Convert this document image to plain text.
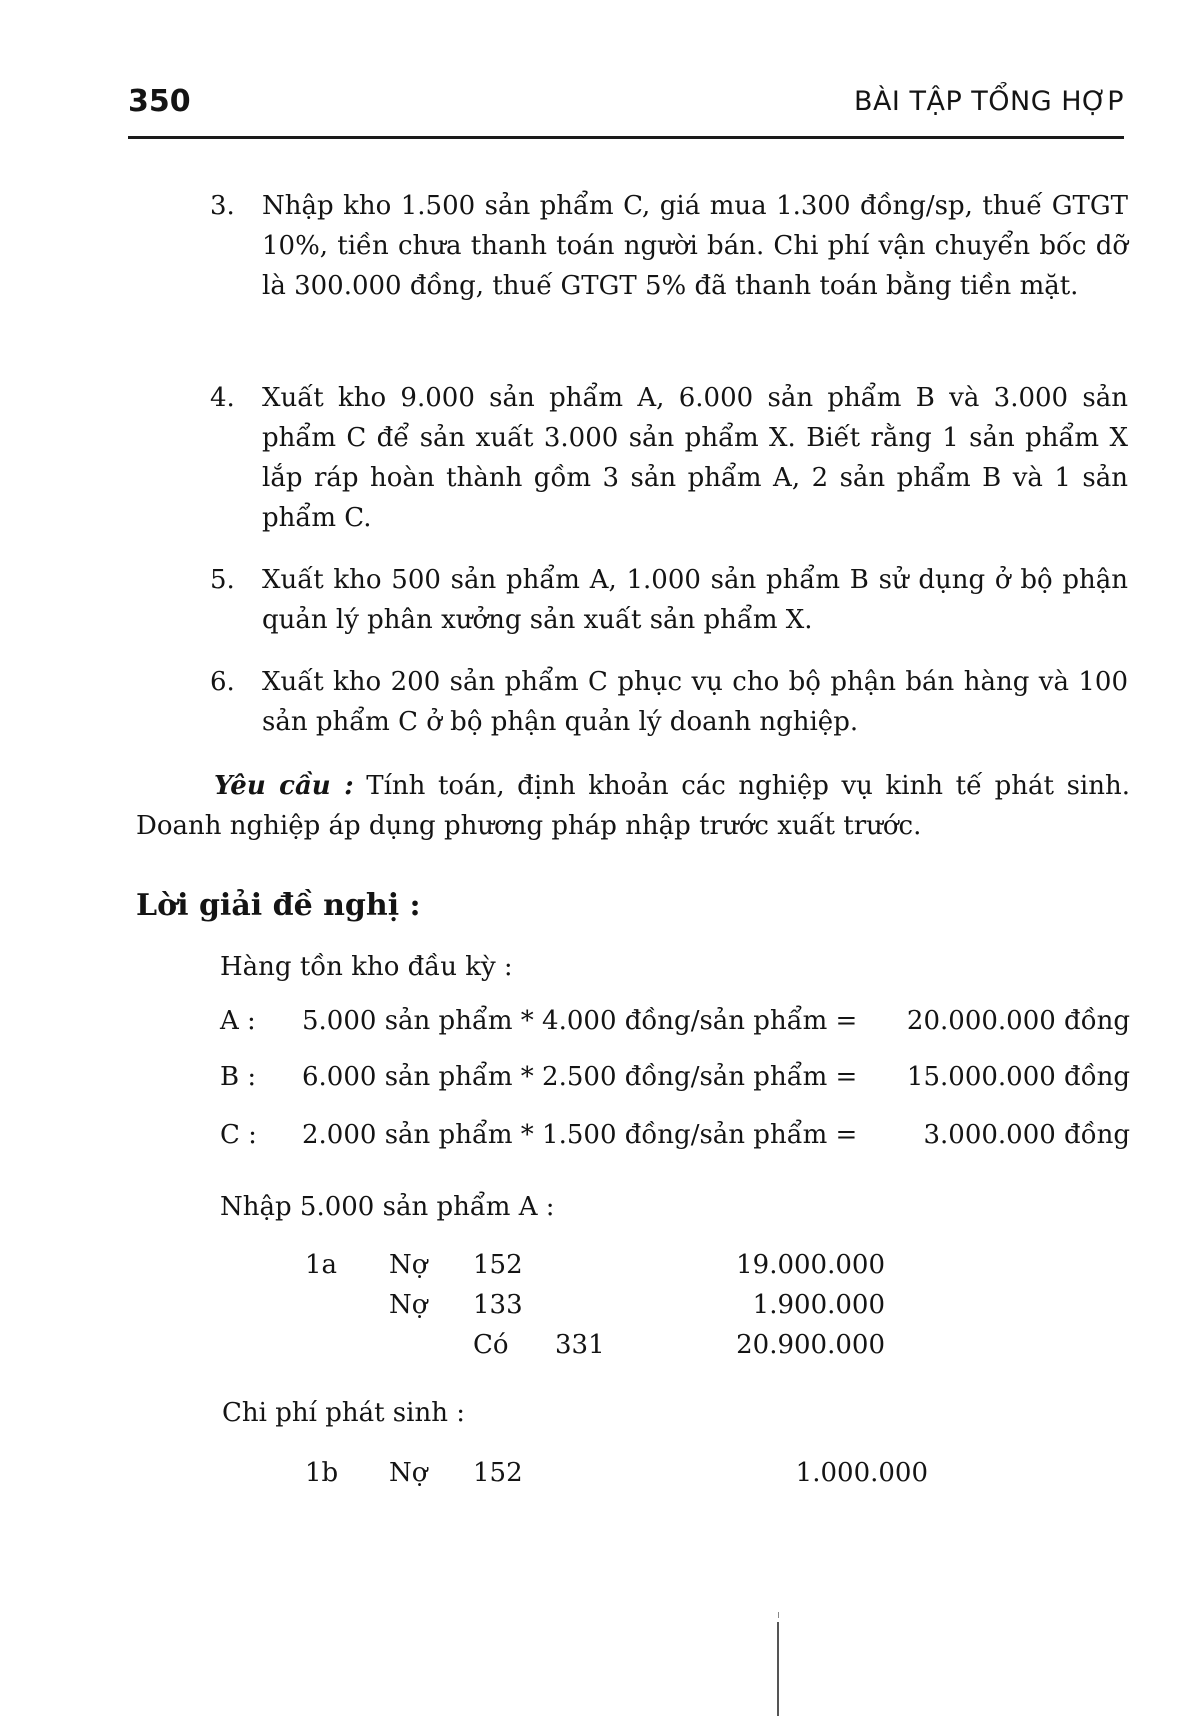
350	BÀI TẬP TỔNG HỢP
3. Nhập kho 1.500 sản phẩm C, giá mua 1.300 đồng/sp, thuế GTGT 10%, tiền chưa thanh toán người bán. Chi phí vận chuyển bốc dỡ là 300.000 đồng, thuế GTGT 5% đã thanh toán bằng tiền mặt.
4. Xuất kho 9.000 sản phẩm A, 6.000 sản phẩm B và 3.000 sản phẩm C để sản xuất 3.000 sản phẩm X. Biết rằng 1 sản phẩm X lắp ráp hoàn thành gồm 3 sản phẩm A, 2 sản phẩm B và 1 sản phẩm C.
5. Xuất kho 500 sản phẩm A, 1.000 sản phẩm B sử dụng ở bộ phận quản lý phân xưởng sản xuất sản phẩm X.
6. Xuất kho 200 sản phẩm C phục vụ cho bộ phận bán hàng và 100 sản phẩm C ở bộ phận quản lý doanh nghiệp.
Yêu cầu : Tính toán, định khoản các nghiệp vụ kinh tế phát sinh. Doanh nghiệp áp dụng phương pháp nhập trước xuất trước.
Lời giải đề nghị :
Hàng tồn kho đầu kỳ :
A : 5.000 sản phẩm * 4.000 đồng/sản phẩm = 20.000.000 đồng
B : 6.000 sản phẩm * 2.500 đồng/sản phẩm = 15.000.000 đồng
C : 2.000 sản phẩm * 1.500 đồng/sản phẩm =	3.000.000 đồng
Nhập 5.000 sản phẩm A :
1a Nợ 152	19.000.000
Nợ 133	1.900.000
Có 331	20.900.000
Chi phí phát sinh :
1b Nợ 152	1.000.000
